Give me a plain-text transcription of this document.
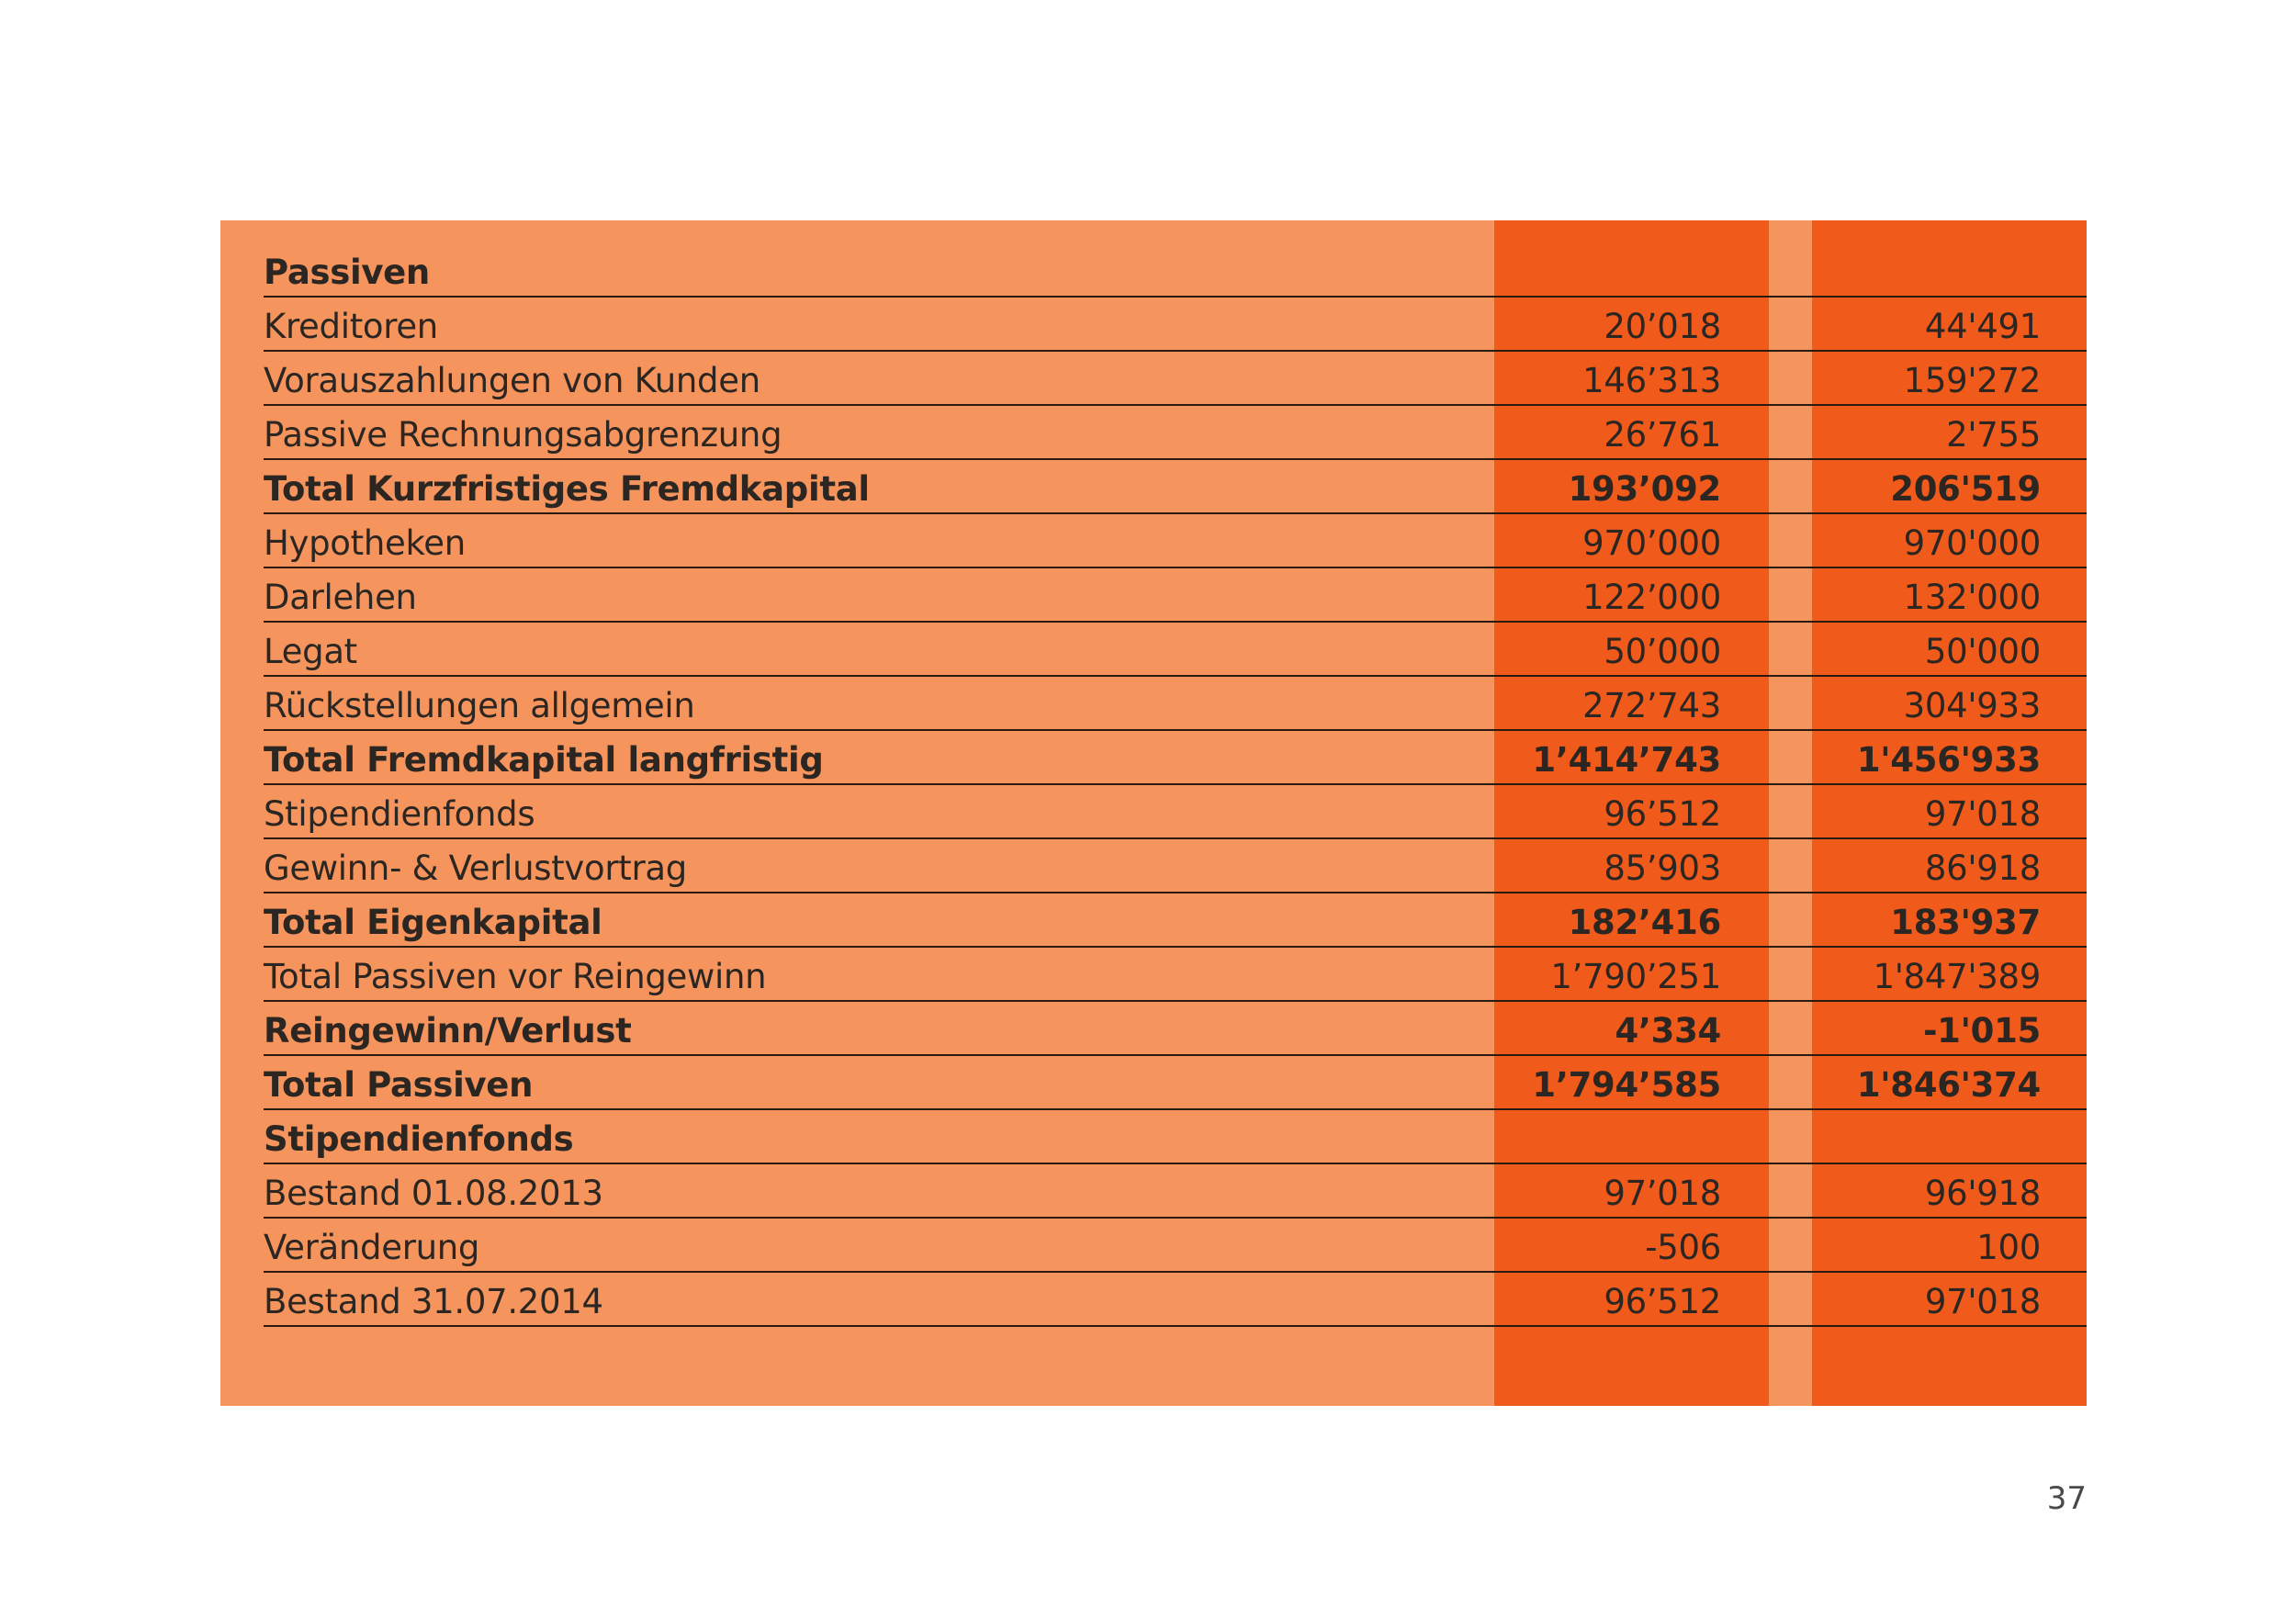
Passiven
Kreditoren	20’018	44'491
Vorauszahlungen von Kunden	146’313	159'272
Passive Rechnungsabgrenzung	26’761	2'755
Total Kurzfristiges Fremdkapital	193’092	206'519
Hypotheken	970’000	970'000
Darlehen	122’000	132'000
Legat	50’000	50'000
Rückstellungen allgemein	272’743	304'933
Total Fremdkapital langfristig	1’414’743	1'456'933
Stipendienfonds	96’512	97'018
Gewinn- & Verlustvortrag	85’903	86'918
Total Eigenkapital	182’416	183'937
Total Passiven vor Reingewinn	1’790’251	1'847'389
Reingewinn/Verlust	4’334	-1'015
Total Passiven	1’794’585	1'846'374
Stipendienfonds
Bestand 01.08.2013	97’018	96'918
Veränderung	-506	100
Bestand 31.07.2014	96’512	97'018
37
